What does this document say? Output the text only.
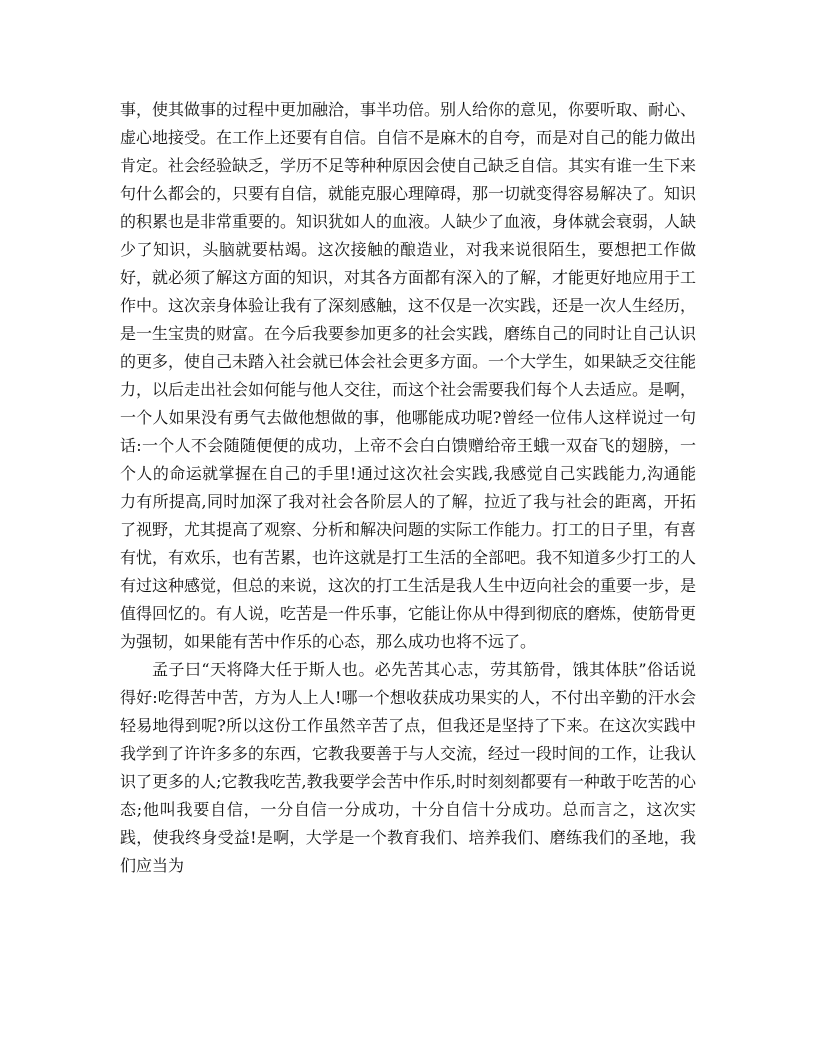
事，使其做事的过程中更加融洽，事半功倍。别人给你的意见，你要听取、耐心、虚心地接受。在工作上还要有自信。自信不是麻木的自夸，而是对自己的能力做出肯定。社会经验缺乏，学历不足等种种原因会使自己缺乏自信。其实有谁一生下来句什么都会的，只要有自信，就能克服心理障碍，那一切就变得容易解决了。知识的积累也是非常重要的。知识犹如人的血液。人缺少了血液，身体就会衰弱，人缺少了知识，头脑就要枯竭。这次接触的酿造业，对我来说很陌生，要想把工作做好，就必须了解这方面的知识，对其各方面都有深入的了解，才能更好地应用于工作中。这次亲身体验让我有了深刻感触，这不仅是一次实践，还是一次人生经历，是一生宝贵的财富。在今后我要参加更多的社会实践，磨练自己的同时让自己认识的更多，使自己未踏入社会就已体会社会更多方面。一个大学生，如果缺乏交往能力，以后走出社会如何能与他人交往，而这个社会需要我们每个人去适应。是啊，一个人如果没有勇气去做他想做的事，他哪能成功呢?曾经一位伟人这样说过一句话:一个人不会随随便便的成功，上帝不会白白馈赠给帝王蛾一双奋飞的翅膀，一个人的命运就掌握在自己的手里!通过这次社会实践,我感觉自己实践能力,沟通能力有所提高,同时加深了我对社会各阶层人的了解，拉近了我与社会的距离，开拓了视野，尤其提高了观察、分析和解决问题的实际工作能力。打工的日子里，有喜有忧，有欢乐，也有苦累，也许这就是打工生活的全部吧。我不知道多少打工的人有过这种感觉，但总的来说，这次的打工生活是我人生中迈向社会的重要一步，是值得回忆的。有人说，吃苦是一件乐事，它能让你从中得到彻底的磨炼，使筋骨更为强韧，如果能有苦中作乐的心态，那么成功也将不远了。

孟子曰“天将降大任于斯人也。必先苦其心志，劳其筋骨，饿其体肤”俗话说得好:吃得苦中苦，方为人上人!哪一个想收获成功果实的人，不付出辛勤的汗水会轻易地得到呢?所以这份工作虽然辛苦了点，但我还是坚持了下来。在这次实践中我学到了许许多多的东西，它教我要善于与人交流，经过一段时间的工作，让我认识了更多的人;它教我吃苦,教我要学会苦中作乐,时时刻刻都要有一种敢于吃苦的心态;他叫我要自信，一分自信一分成功，十分自信十分成功。总而言之，这次实践，使我终身受益!是啊，大学是一个教育我们、培养我们、磨练我们的圣地，我们应当为
